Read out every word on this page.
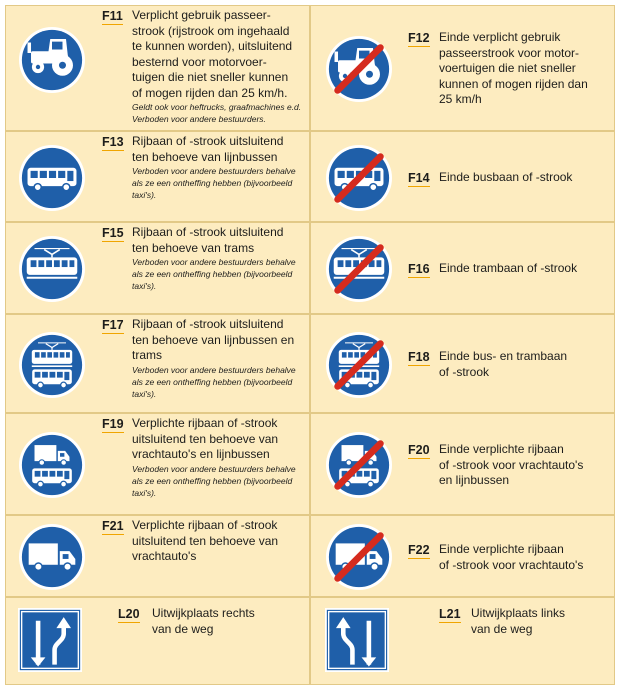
F11 Verplicht gebruik passeer-
strook (rijstrook om ingehaald
te kunnen worden), uitsluitend
besternd voor motorvoer-
tuigen die niet sneller kunnen
of mogen rijden dan 25 km/h.
Geldt ook voor heftrucks, graafmachines e.d.
Verboden voor andere bestuurders.
F12 Einde verplicht gebruik
passeerstrook voor motor-
voertuigen die niet sneller
kunnen of mogen rijden dan
25 km/h
F13 Rijbaan of -strook uitsluitend
ten behoeve van lijnbussen
Verboden voor andere bestuurders behalve
als ze een ontheffing hebben (bijvoorbeeld
taxi's).
F14 Einde busbaan of -strook
F15 Rijbaan of -strook uitsluitend
ten behoeve van trams
Verboden voor andere bestuurders behalve
als ze een ontheffing hebben (bijvoorbeeld
taxi's).
F16 Einde trambaan of -strook
F17 Rijbaan of -strook uitsluitend
ten behoeve van lijnbussen en
trams
Verboden voor andere bestuurders behalve
als ze een ontheffing hebben (bijvoorbeeld
taxi's).
F18 Einde bus- en trambaan
of -strook
F19 Verplichte rijbaan of -strook
uitsluitend ten behoeve van
vrachtauto's en lijnbussen
Verboden voor andere bestuurders behalve
als ze een ontheffing hebben (bijvoorbeeld
taxi's).
F20 Einde verplichte rijbaan
of -strook voor vrachtauto's
en lijnbussen
F21 Verplichte rijbaan of -strook
uitsluitend ten behoeve van
vrachtauto's	F22 Einde verplichte rijbaan
of -strook voor vrachtauto's
L20 Uitwijkplaats rechts
van de weg
L21 Uitwijkplaats links
van de weg
